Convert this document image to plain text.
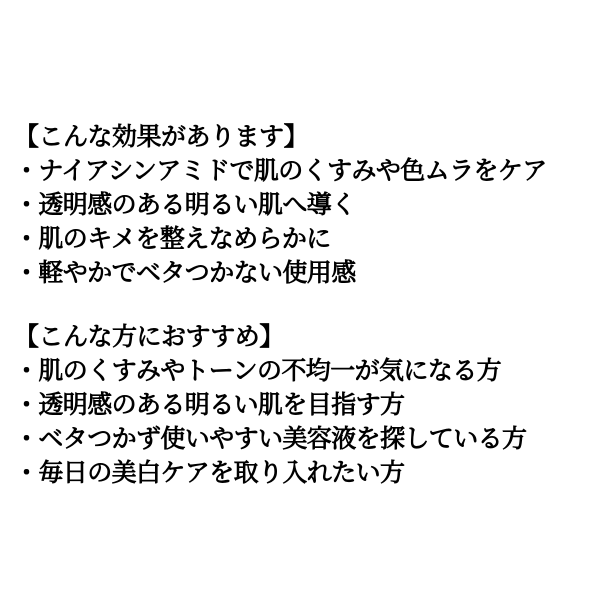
【こんな効果があります】
・ナイアシンアミドで肌のくすみや色ムラをケア
・透明感のある明るい肌へ導く
・肌のキメを整えなめらかに
・軽やかでベタつかない使用感
【こんな方におすすめ】
・肌のくすみやトーンの不均一が気になる方
・透明感のある明るい肌を目指す方
・ベタつかず使いやすい美容液を探している方
・毎日の美白ケアを取り入れたい方
